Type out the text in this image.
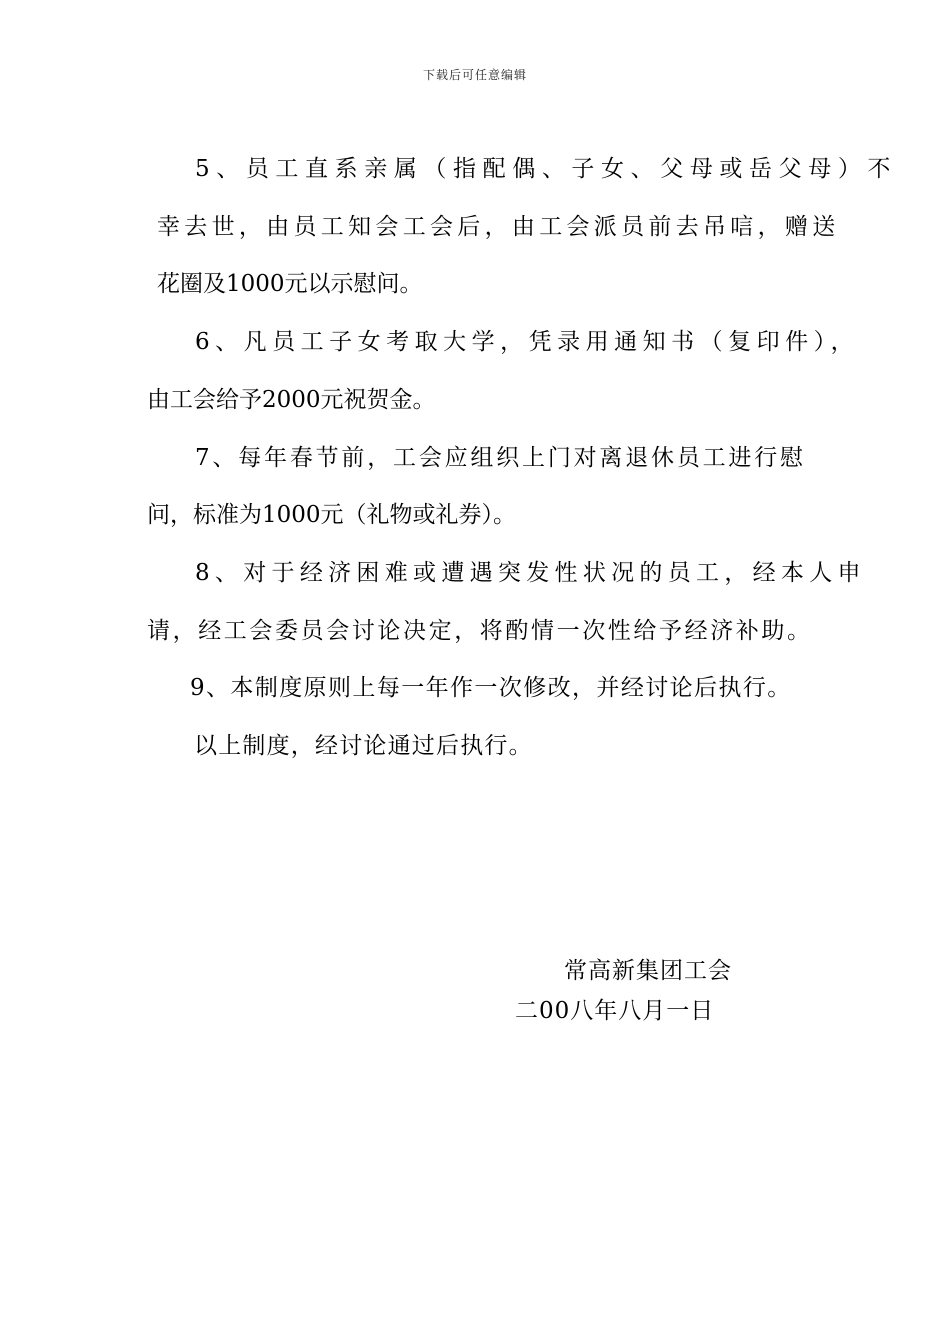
下载后可任意编辑
5、员工直系亲属（指配偶、子女、父母或岳父母）不
幸去世，由员工知会工会后，由工会派员前去吊唁，赠送
花圈及1000元以示慰问。
6、凡员工子女考取大学，凭录用通知书（复印件），
由工会给予2000元祝贺金。
7、每年春节前，工会应组织上门对离退休员工进行慰
问，标准为1000元（礼物或礼券）。
8、对于经济困难或遭遇突发性状况的员工，经本人申
请，经工会委员会讨论决定，将酌情一次性给予经济补助。
9、本制度原则上每一年作一次修改，并经讨论后执行。
以上制度，经讨论通过后执行。
常高新集团工会
二00八年八月一日
